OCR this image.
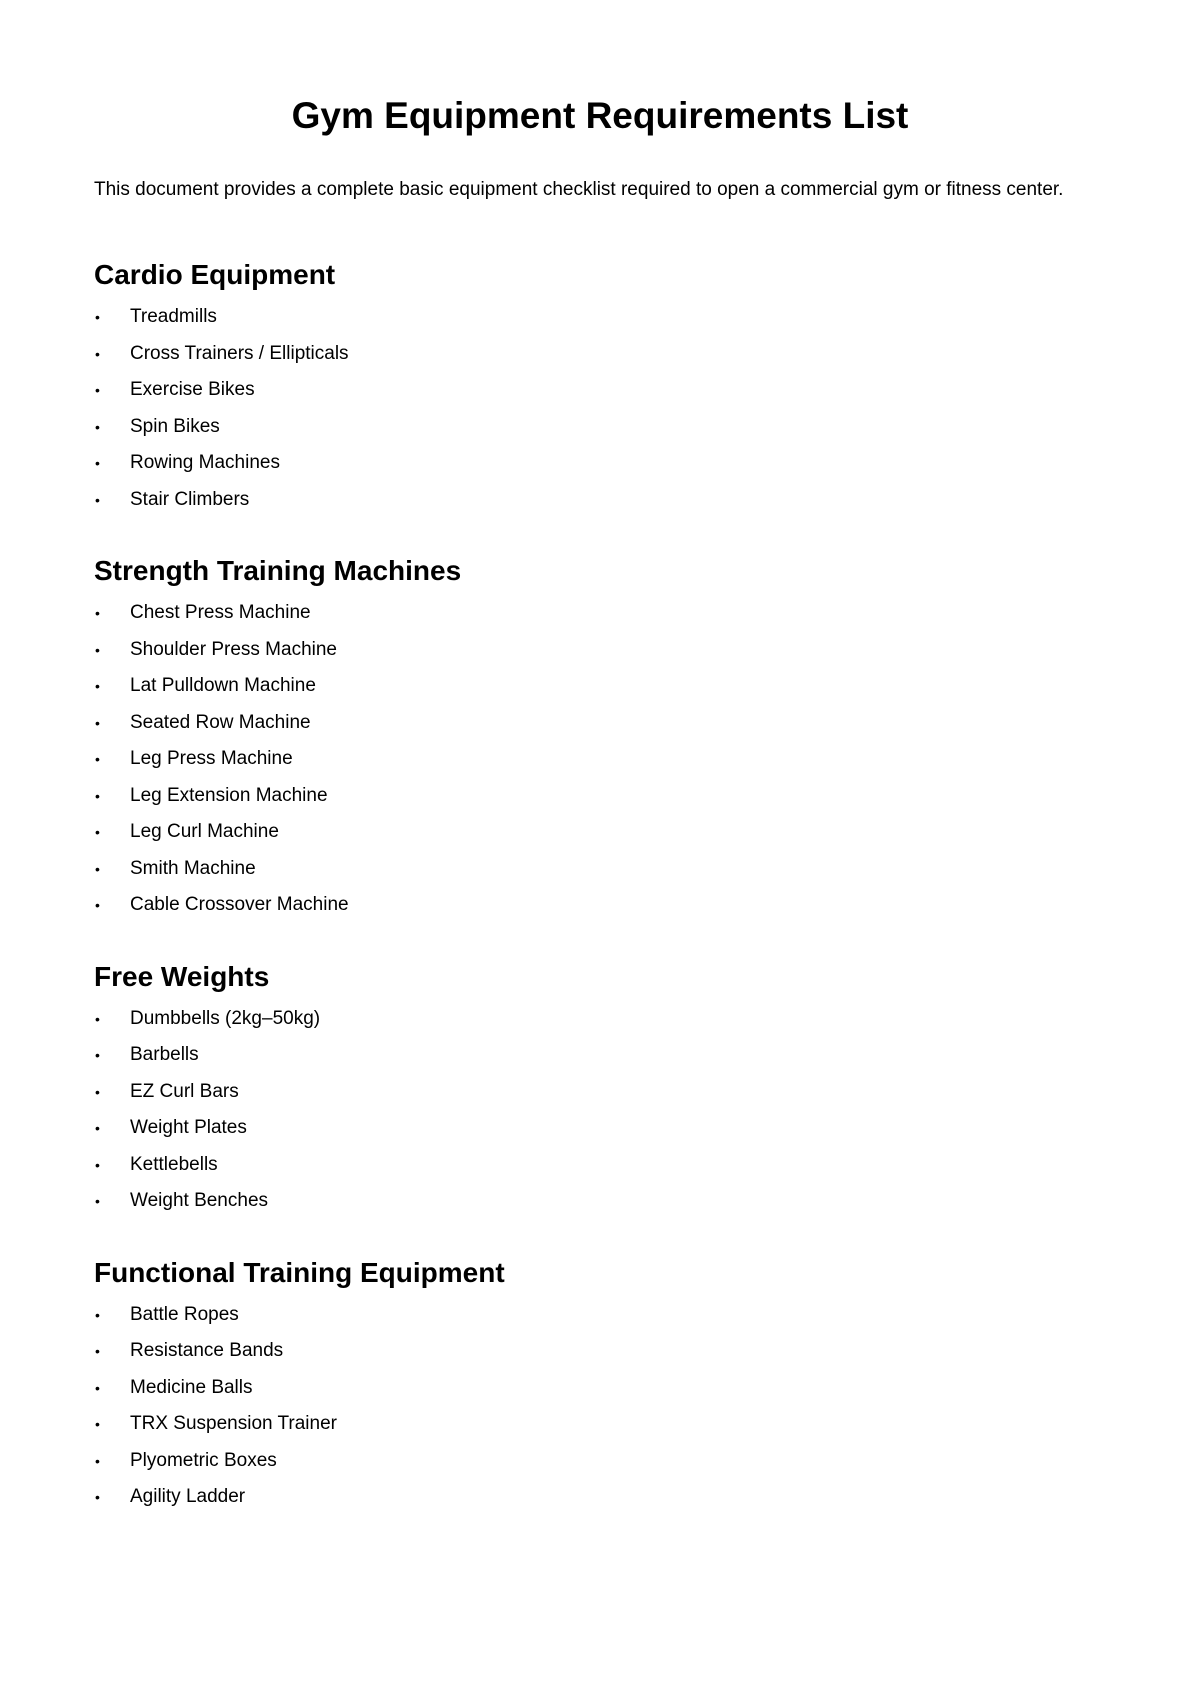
Gym Equipment Requirements List

This document provides a complete basic equipment checklist required to open a commercial gym or fitness center.

Cardio Equipment
• Treadmills
• Cross Trainers / Ellipticals
• Exercise Bikes
• Spin Bikes
• Rowing Machines
• Stair Climbers
Strength Training Machines
• Chest Press Machine
• Shoulder Press Machine
• Lat Pulldown Machine
• Seated Row Machine
• Leg Press Machine
• Leg Extension Machine
• Leg Curl Machine
• Smith Machine
• Cable Crossover Machine
Free Weights
• Dumbbells (2kg–50kg)
• Barbells
• EZ Curl Bars
• Weight Plates
• Kettlebells
• Weight Benches
Functional Training Equipment
• Battle Ropes
• Resistance Bands
• Medicine Balls
• TRX Suspension Trainer
• Plyometric Boxes
• Agility Ladder
